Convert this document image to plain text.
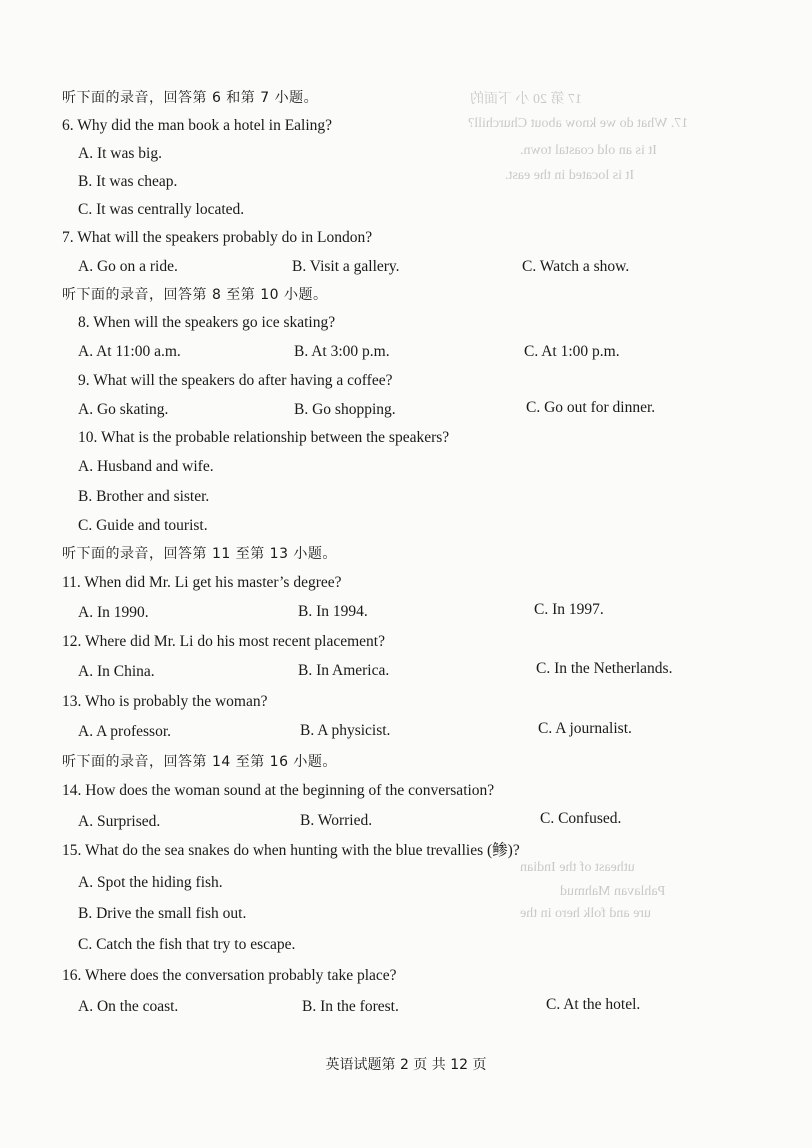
17 第 20 小 下面的
17. What do we know about Churchill?
It is an old coastal town.
It is located in the east.
utheast of the Indian
Pahlavan Mahmud
ure and folk hero in the
听下面的录音，回答第 6 和第 7 小题。
6. Why did the man book a hotel in Ealing?
A. It was big.
B. It was cheap.
C. It was centrally located.
7. What will the speakers probably do in London?
A. Go on a ride.	B. Visit a gallery.	C. Watch a show.
听下面的录音，回答第 8 至第 10 小题。
8. When will the speakers go ice skating?
A. At 11:00 a.m.	B. At 3:00 p.m.	C. At 1:00 p.m.
9. What will the speakers do after having a coffee?
A. Go skating.	B. Go shopping.	C. Go out for dinner.
10. What is the probable relationship between the speakers?
A. Husband and wife.
B. Brother and sister.
C. Guide and tourist.
听下面的录音，回答第 11 至第 13 小题。
11. When did Mr. Li get his master’s degree?
A. In 1990.	B. In 1994.	C. In 1997.
12. Where did Mr. Li do his most recent placement?
A. In China.	B. In America.	C. In the Netherlands.
13. Who is probably the woman?
A. A professor.	B. A physicist.	C. A journalist.
听下面的录音，回答第 14 至第 16 小题。
14. How does the woman sound at the beginning of the conversation?
A. Surprised.	B. Worried.	C. Confused.
15. What do the sea snakes do when hunting with the blue trevallies (鲹)?
A. Spot the hiding fish.
B. Drive the small fish out.
C. Catch the fish that try to escape.
16. Where does the conversation probably take place?
A. On the coast.	B. In the forest.	C. At the hotel.
英语试题第 2 页 共 12 页
